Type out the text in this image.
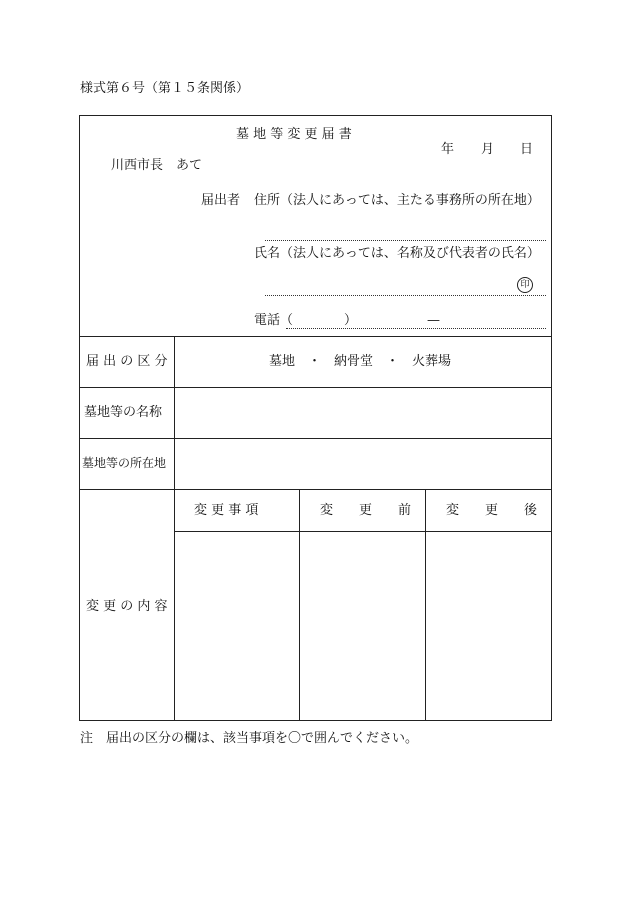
様式第６号（第１５条関係）
墓 地 等 変 更 届 書
年 月 日
川西市長　あて
届出者 住所（法人にあっては、主たる事務所の所在地）
氏名（法人にあっては、名称及び代表者の氏名）
印
電話（	）	—
届 出 の 区 分	墓地　・　納骨堂　・　火葬場
墓地等の名称
墓地等の所在地
変 更 の 内 容
変 更 事 項	変　　更　　前	変　　更　　後
注　届出の区分の欄は、該当事項を〇で囲んでください。
